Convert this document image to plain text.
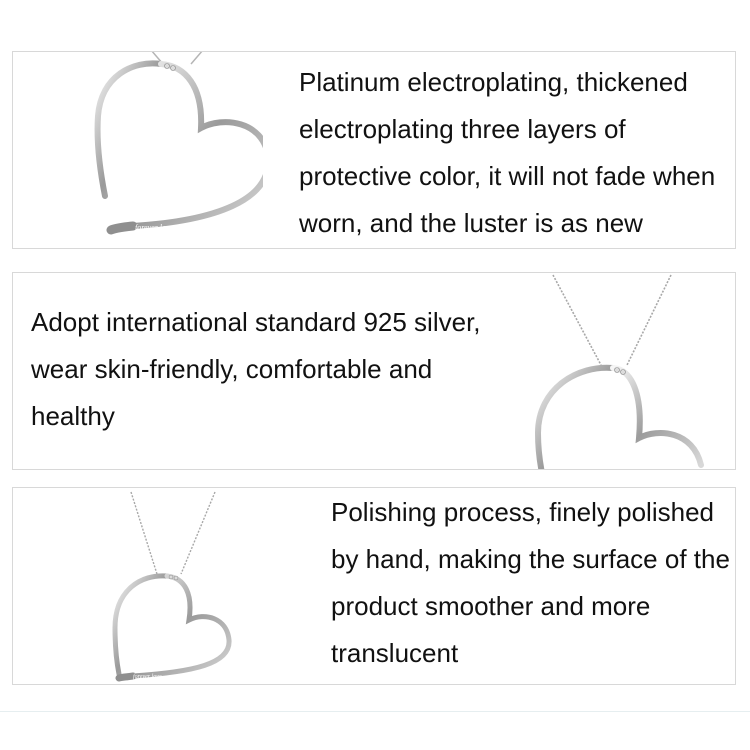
forever love

Platinum electroplating, thickened electroplating three layers of protective color, it will not fade when worn, and the luster is as new

Adopt international standard 925 silver, wear skin-friendly, comfortable and healthy

forever love

Polishing process, finely polished by hand, making the surface of the product smoother and more translucent
